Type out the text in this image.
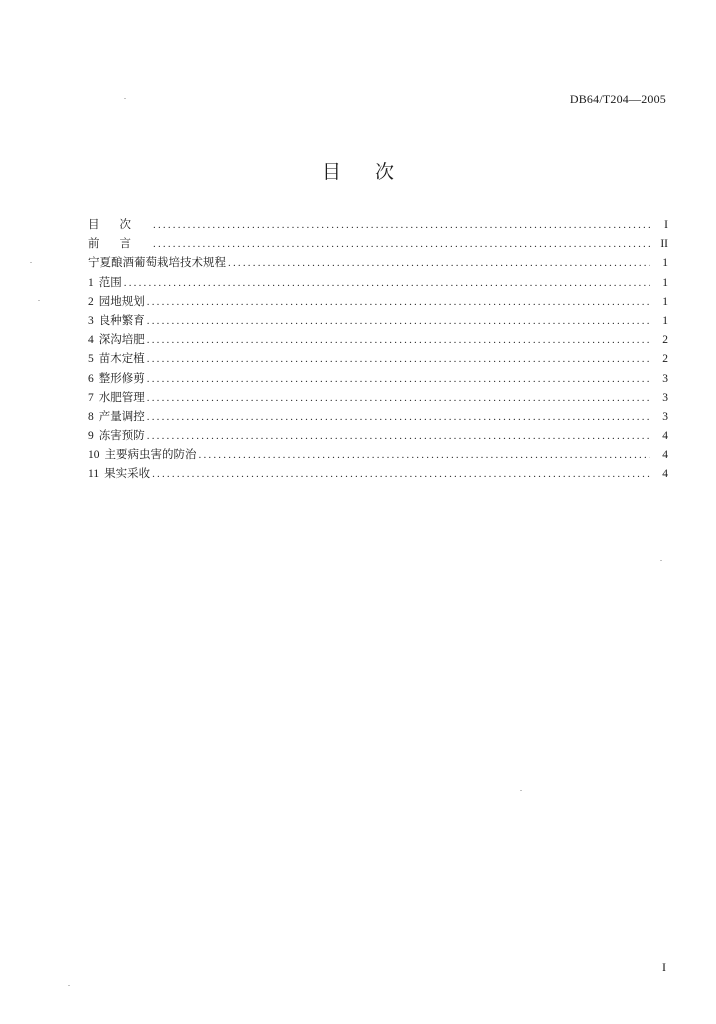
DB64/T204—2005
目 次
目次 .....	I
前言 .....	II
宁夏酿酒葡萄栽培技术规程 .....	1
1 范围 .....	1
2 园地规划 .....	1
3 良种繁育 .....	1
4 深沟培肥 .....	2
5 苗木定植 .....	2
6 整形修剪 .....	3
7 水肥管理 .....	3
8 产量调控 .....	3
9 冻害预防 .....	4
10 主要病虫害的防治 .....	4
11 果实采收 .....	4
I
